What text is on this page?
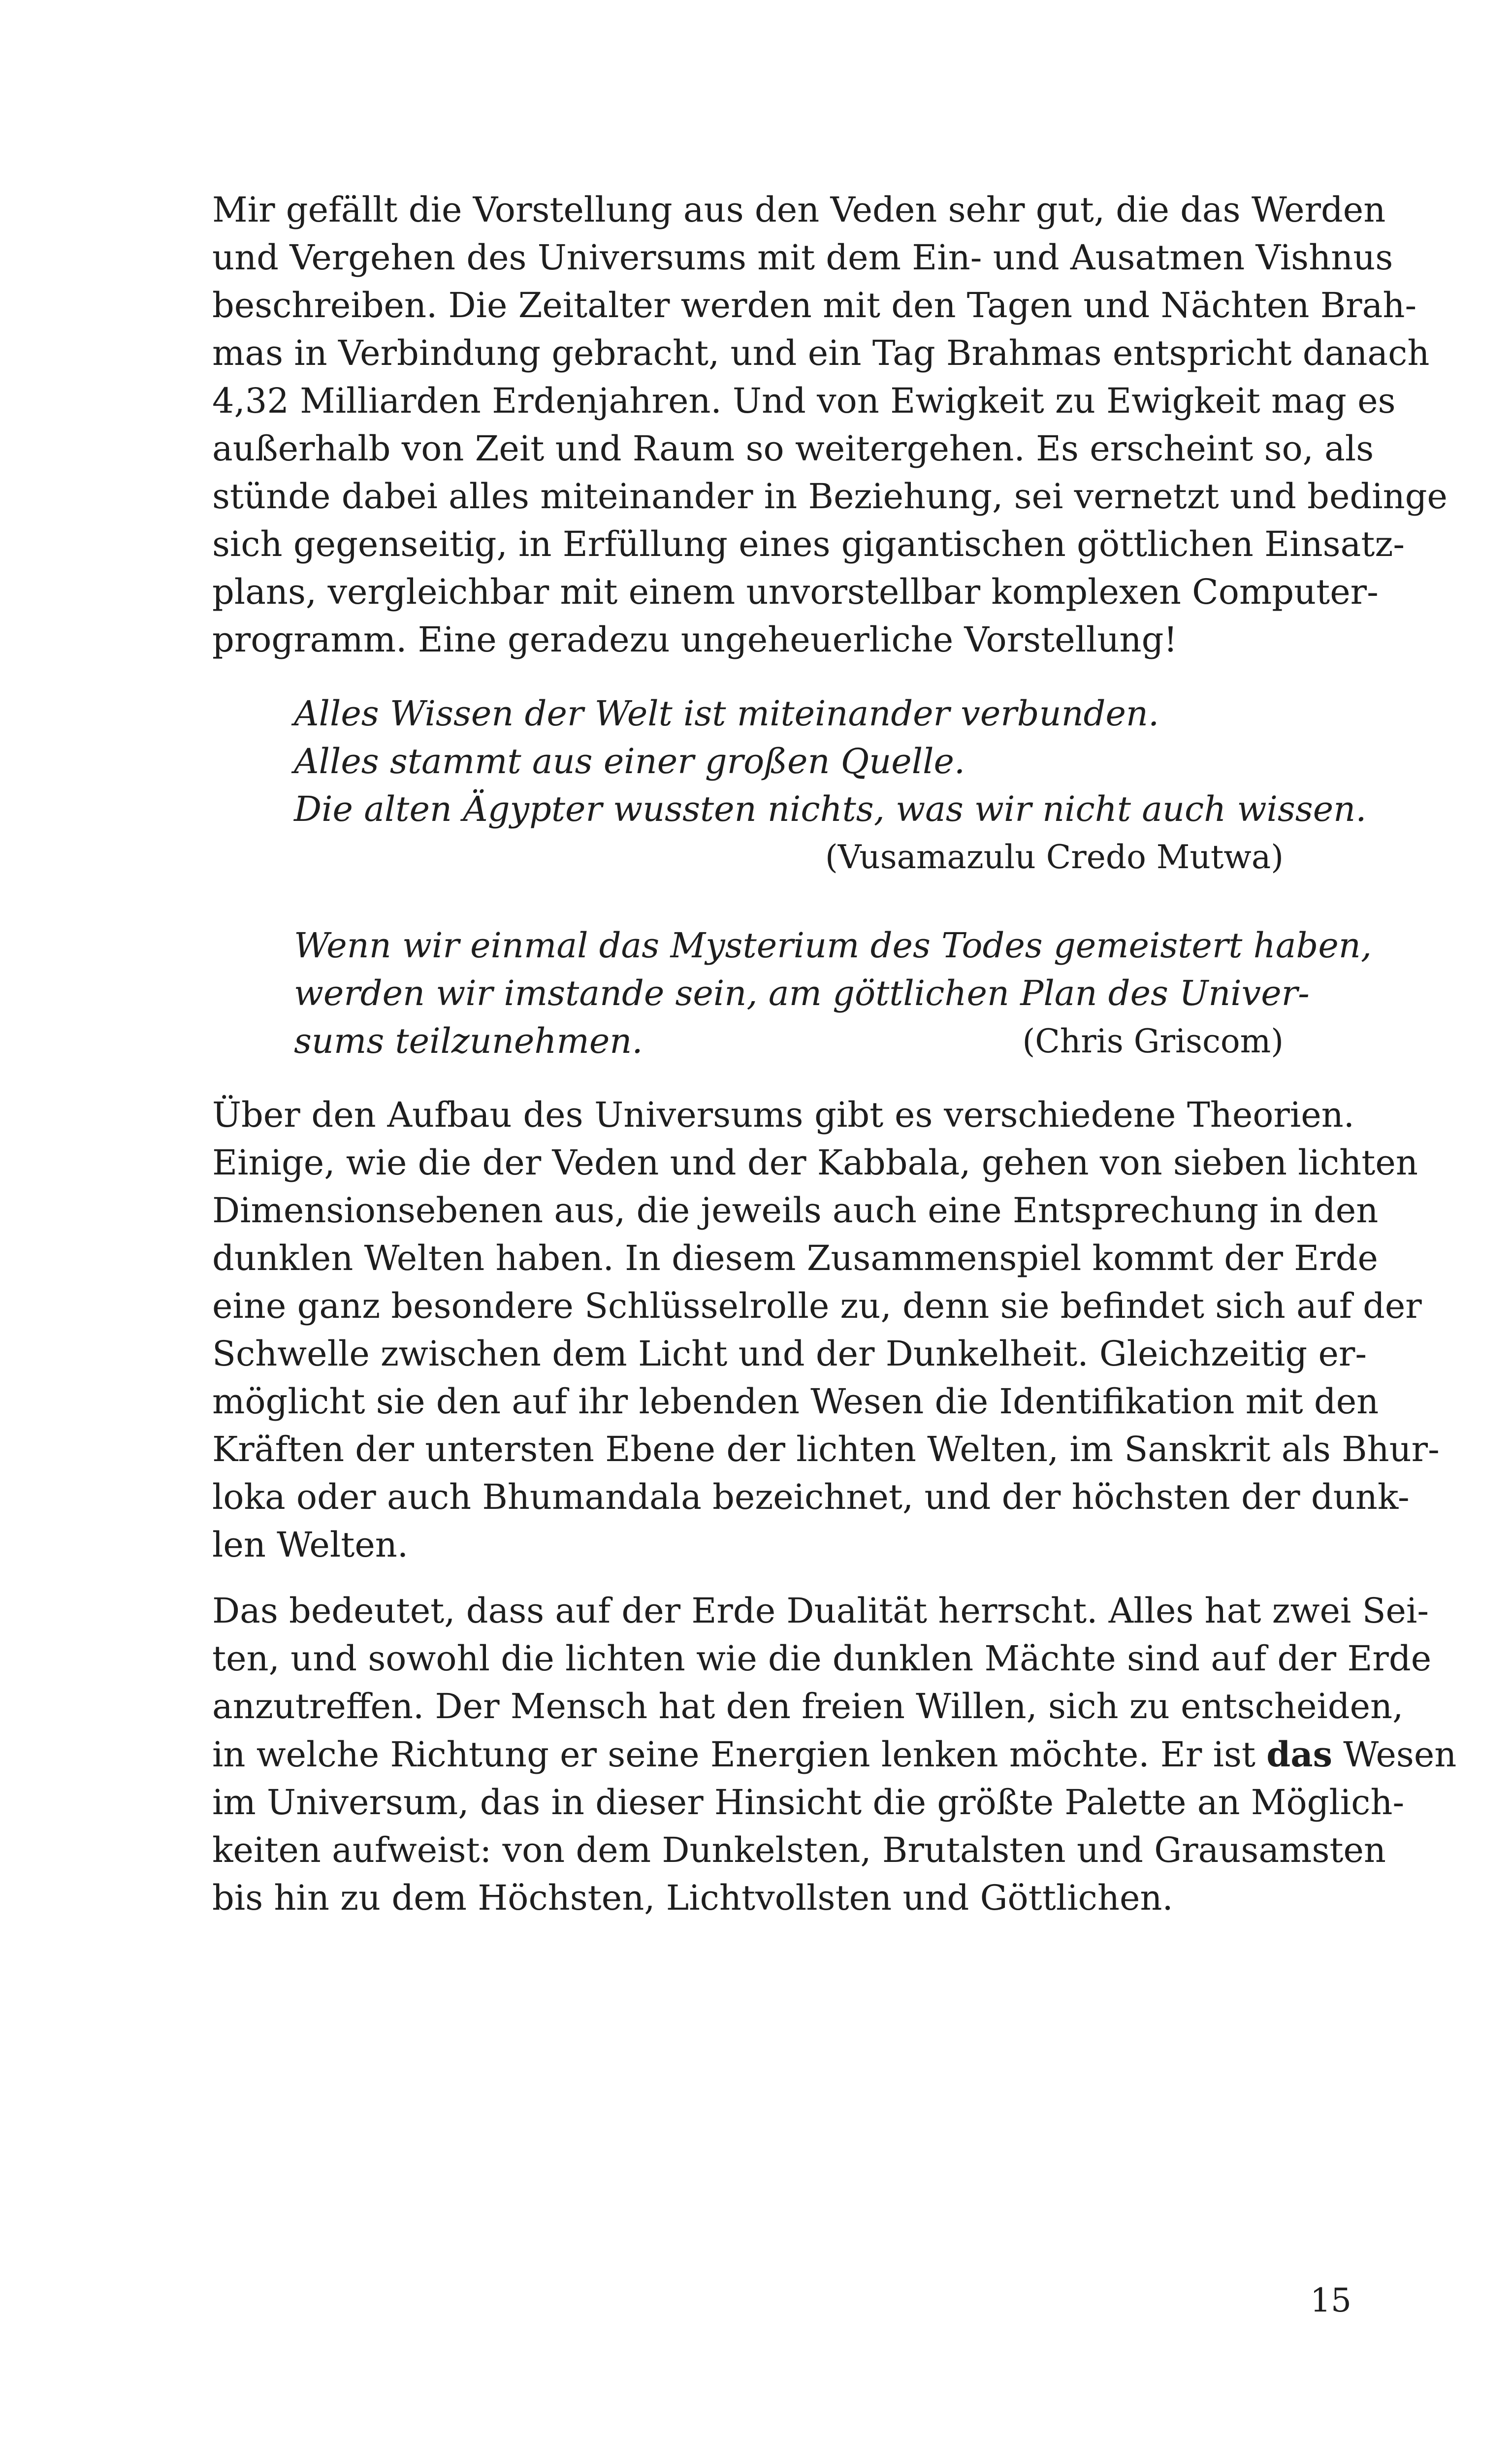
Mir gefällt die Vorstellung aus den Veden sehr gut, die das Werden
und Vergehen des Universums mit dem Ein- und Ausatmen Vishnus
beschreiben. Die Zeitalter werden mit den Tagen und Nächten Brah-
mas in Verbindung gebracht, und ein Tag Brahmas entspricht danach
4,32 Milliarden Erdenjahren. Und von Ewigkeit zu Ewigkeit mag es
außerhalb von Zeit und Raum so weitergehen. Es erscheint so, als
stünde dabei alles miteinander in Beziehung, sei vernetzt und bedinge
sich gegenseitig, in Erfüllung eines gigantischen göttlichen Einsatz-
plans, vergleichbar mit einem unvorstellbar komplexen Computer-
programm. Eine geradezu ungeheuerliche Vorstellung!

Alles Wissen der Welt ist miteinander verbunden.
Alles stammt aus einer großen Quelle.
Die alten Ägypter wussten nichts, was wir nicht auch wissen.
(Vusamazulu Credo Mutwa)
Wenn wir einmal das Mysterium des Todes gemeistert haben,
werden wir imstande sein, am göttlichen Plan des Univer-
sums teilzunehmen.	(Chris Griscom)

Über den Aufbau des Universums gibt es verschiedene Theorien.
Einige, wie die der Veden und der Kabbala, gehen von sieben lichten
Dimensionsebenen aus, die jeweils auch eine Entsprechung in den
dunklen Welten haben. In diesem Zusammenspiel kommt der Erde
eine ganz besondere Schlüsselrolle zu, denn sie befindet sich auf der
Schwelle zwischen dem Licht und der Dunkelheit. Gleichzeitig er-
möglicht sie den auf ihr lebenden Wesen die Identifikation mit den
Kräften der untersten Ebene der lichten Welten, im Sanskrit als Bhur-
loka oder auch Bhumandala bezeichnet, und der höchsten der dunk-
len Welten.

Das bedeutet, dass auf der Erde Dualität herrscht. Alles hat zwei Sei-
ten, und sowohl die lichten wie die dunklen Mächte sind auf der Erde
anzutreffen. Der Mensch hat den freien Willen, sich zu entscheiden,
in welche Richtung er seine Energien lenken möchte. Er ist das Wesen
im Universum, das in dieser Hinsicht die größte Palette an Möglich-
keiten aufweist: von dem Dunkelsten, Brutalsten und Grausamsten
bis hin zu dem Höchsten, Lichtvollsten und Göttlichen.

15
